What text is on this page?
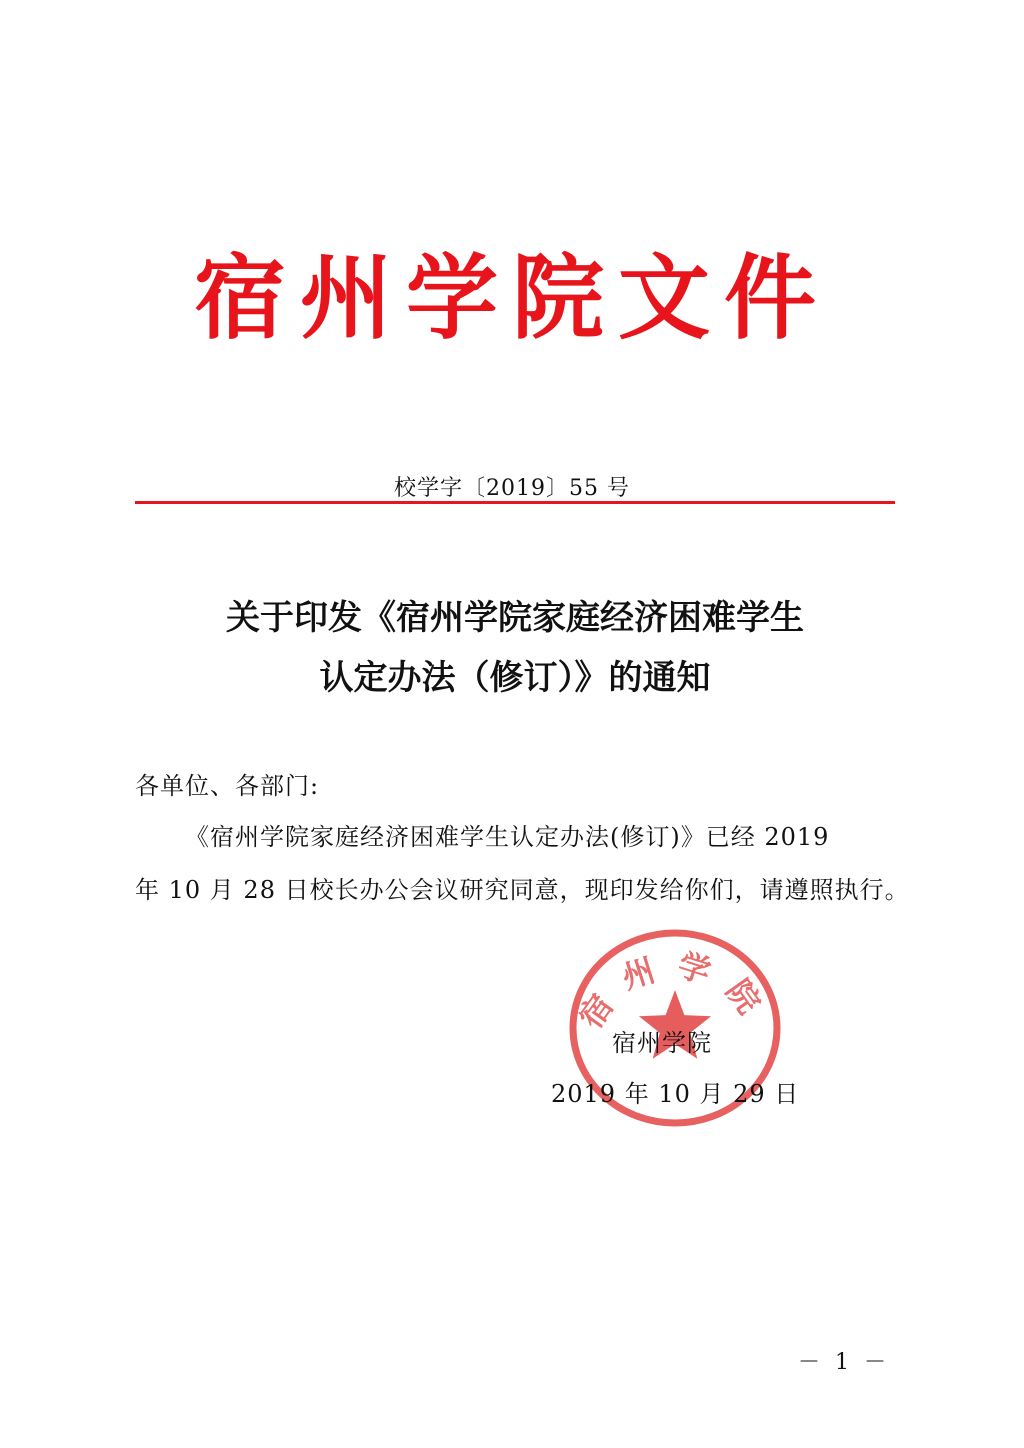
宿州学院文件
校学字〔2019〕55 号
关于印发《宿州学院家庭经济困难学生
认定办法（修订）》的通知
各单位、各部门:
《宿州学院家庭经济困难学生认定办法(修订)》已经 2019
年 10 月 28 日校长办公会议研究同意，现印发给你们，请遵照执行。
宿州学院
宿州学院
2019 年 10 月 29 日
－ 1 －
